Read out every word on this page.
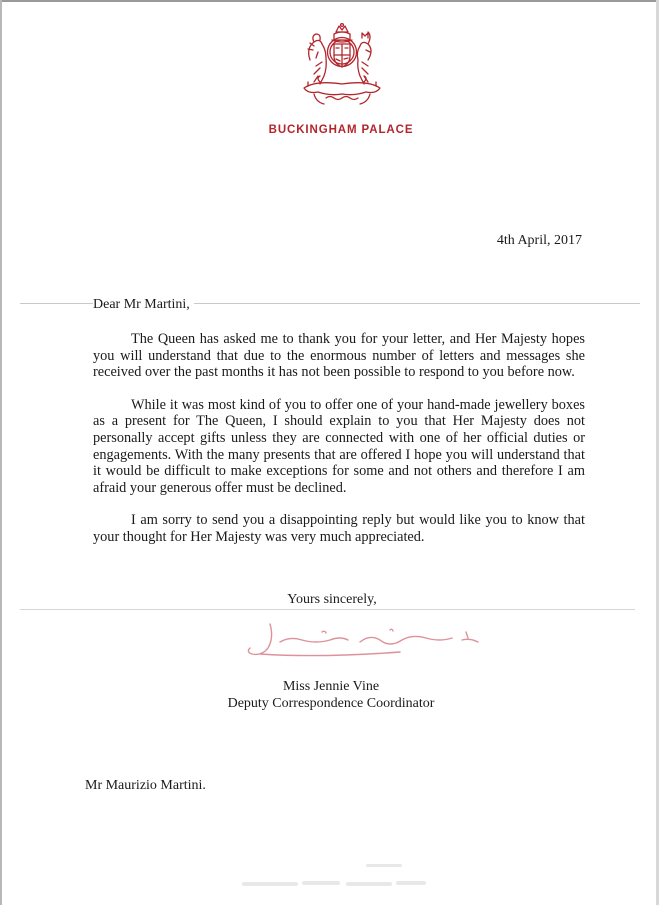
BUCKINGHAM PALACE
4th April, 2017
Dear Mr Martini,

The Queen has asked me to thank you for your letter, and Her Majesty hopes you will understand that due to the enormous number of letters and messages she received over the past months it has not been possible to respond to you before now.

While it was most kind of you to offer one of your hand-made jewellery boxes as a present for The Queen, I should explain to you that Her Majesty does not personally accept gifts unless they are connected with one of her official duties or engagements. With the many presents that are offered I hope you will understand that it would be difficult to make exceptions for some and not others and therefore I am afraid your generous offer must be declined.

I am sorry to send you a disappointing reply but would like you to know that your thought for Her Majesty was very much appreciated.

Yours sincerely,
Miss Jennie Vine
Deputy Correspondence Coordinator
Mr Maurizio Martini.
